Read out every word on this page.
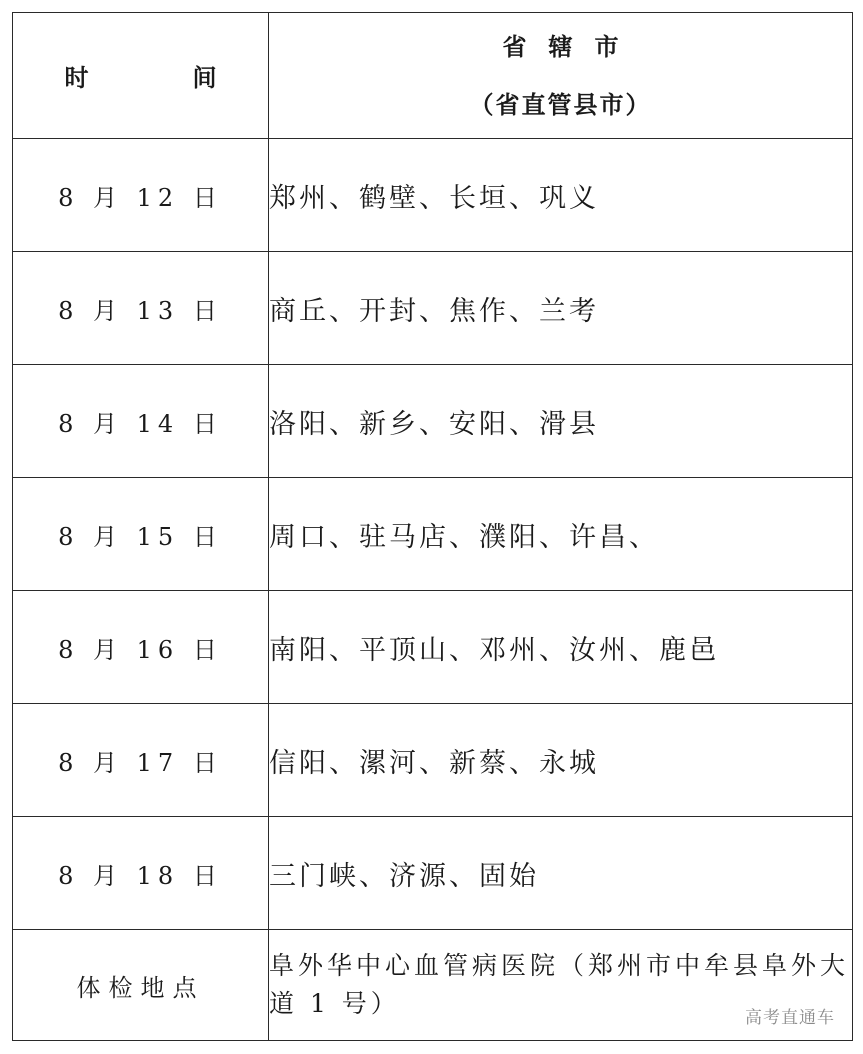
时　间	省辖市
（省直管县市）

8 月 12 日	郑州、鹤壁、长垣、巩义
8 月 13 日	商丘、开封、焦作、兰考
8 月 14 日	洛阳、新乡、安阳、滑县
8 月 15 日	周口、驻马店、濮阳、许昌、
8 月 16 日	南阳、平顶山、邓州、汝州、鹿邑
8 月 17 日	信阳、漯河、新蔡、永城
8 月 18 日	三门峡、济源、固始
体检地点	阜外华中心血管病医院（郑州市中牟县阜外大道 1 号）	高考直通车
